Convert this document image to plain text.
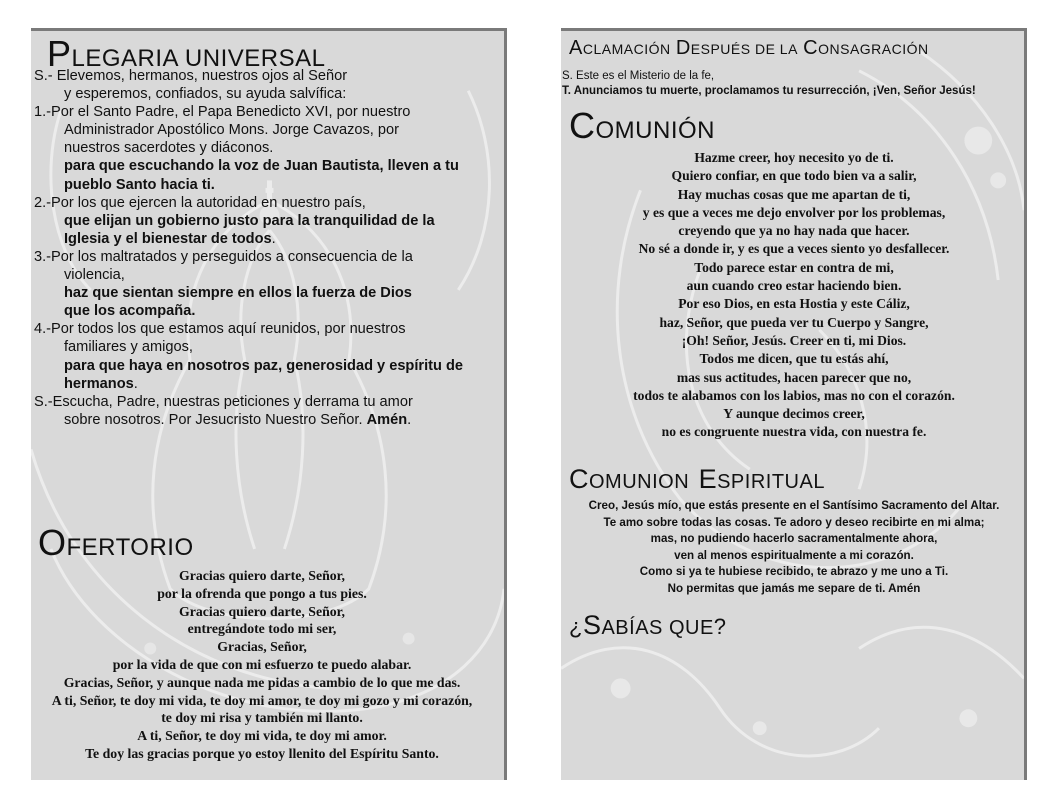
PLEGARIA UNIVERSAL

S.- Elevemos, hermanos, nuestros ojos al Señor

y esperemos, confiados, su ayuda salvífica:

1.-Por el Santo Padre, el Papa Benedicto XVI, por nuestro

Administrador Apostólico Mons. Jorge Cavazos, por

nuestros sacerdotes y diáconos.

para que escuchando la voz de Juan Bautista, lleven a tu

pueblo Santo hacia ti.

2.-Por los que ejercen la autoridad en nuestro país,

que elijan un gobierno justo para la tranquilidad de la

Iglesia y el bienestar de todos.

3.-Por los maltratados y perseguidos a consecuencia de la

violencia,

haz que sientan siempre en ellos la fuerza de Dios

que los acompaña.

4.-Por todos los que estamos aquí reunidos, por nuestros

familiares y amigos,

para que haya en nosotros paz, generosidad y espíritu de

hermanos.

S.-Escucha, Padre, nuestras peticiones y derrama tu amor

sobre nosotros. Por Jesucristo Nuestro Señor. Amén.

OFERTORIO

Gracias quiero darte, Señor,

por la ofrenda que pongo a tus pies.

Gracias quiero darte, Señor,

entregándote todo mi ser,

Gracias, Señor,

por la vida de que con mi esfuerzo te puedo alabar.

Gracias, Señor, y aunque nada me pidas a cambio de lo que me das.

A ti, Señor, te doy mi vida, te doy mi amor, te doy mi gozo y mi corazón,

te doy mi risa y también mi llanto.

A ti, Señor, te doy mi vida, te doy mi amor.

Te doy las gracias porque yo estoy llenito del Espíritu Santo.

ACLAMACIÓN DESPUÉS DE LA CONSAGRACIÓN
S. Este es el Misterio de la fe,
T. Anunciamos tu muerte, proclamamos tu resurrección, ¡Ven, Señor Jesús!
COMUNIÓN

Hazme creer, hoy necesito yo de ti.

Quiero confiar, en que todo bien va a salir,

Hay muchas cosas que me apartan de ti,

y es que a veces me dejo envolver por los problemas,

creyendo que ya no hay nada que hacer.

No sé a donde ir, y es que a veces siento yo desfallecer.

Todo parece estar en contra de mi,

aun cuando creo estar haciendo bien.

Por eso Dios, en esta Hostia y este Cáliz,

haz, Señor, que pueda ver tu Cuerpo y Sangre,

¡Oh! Señor, Jesús. Creer en ti, mi Dios.

Todos me dicen, que tu estás ahí,

mas sus actitudes, hacen parecer que no,

todos te alabamos con los labios, mas no con el corazón.

Y aunque decimos creer,

no es congruente nuestra vida, con nuestra fe.

COMUNION ESPIRITUAL

Creo, Jesús mío, que estás presente en el Santísimo Sacramento del Altar.

Te amo sobre todas las cosas. Te adoro y deseo recibirte en mi alma;

mas, no pudiendo hacerlo sacramentalmente ahora,

ven al menos espiritualmente a mi corazón.

Como si ya te hubiese recibido, te abrazo y me uno a Ti.

No permitas que jamás me separe de ti. Amén

¿SABÍAS QUE?
